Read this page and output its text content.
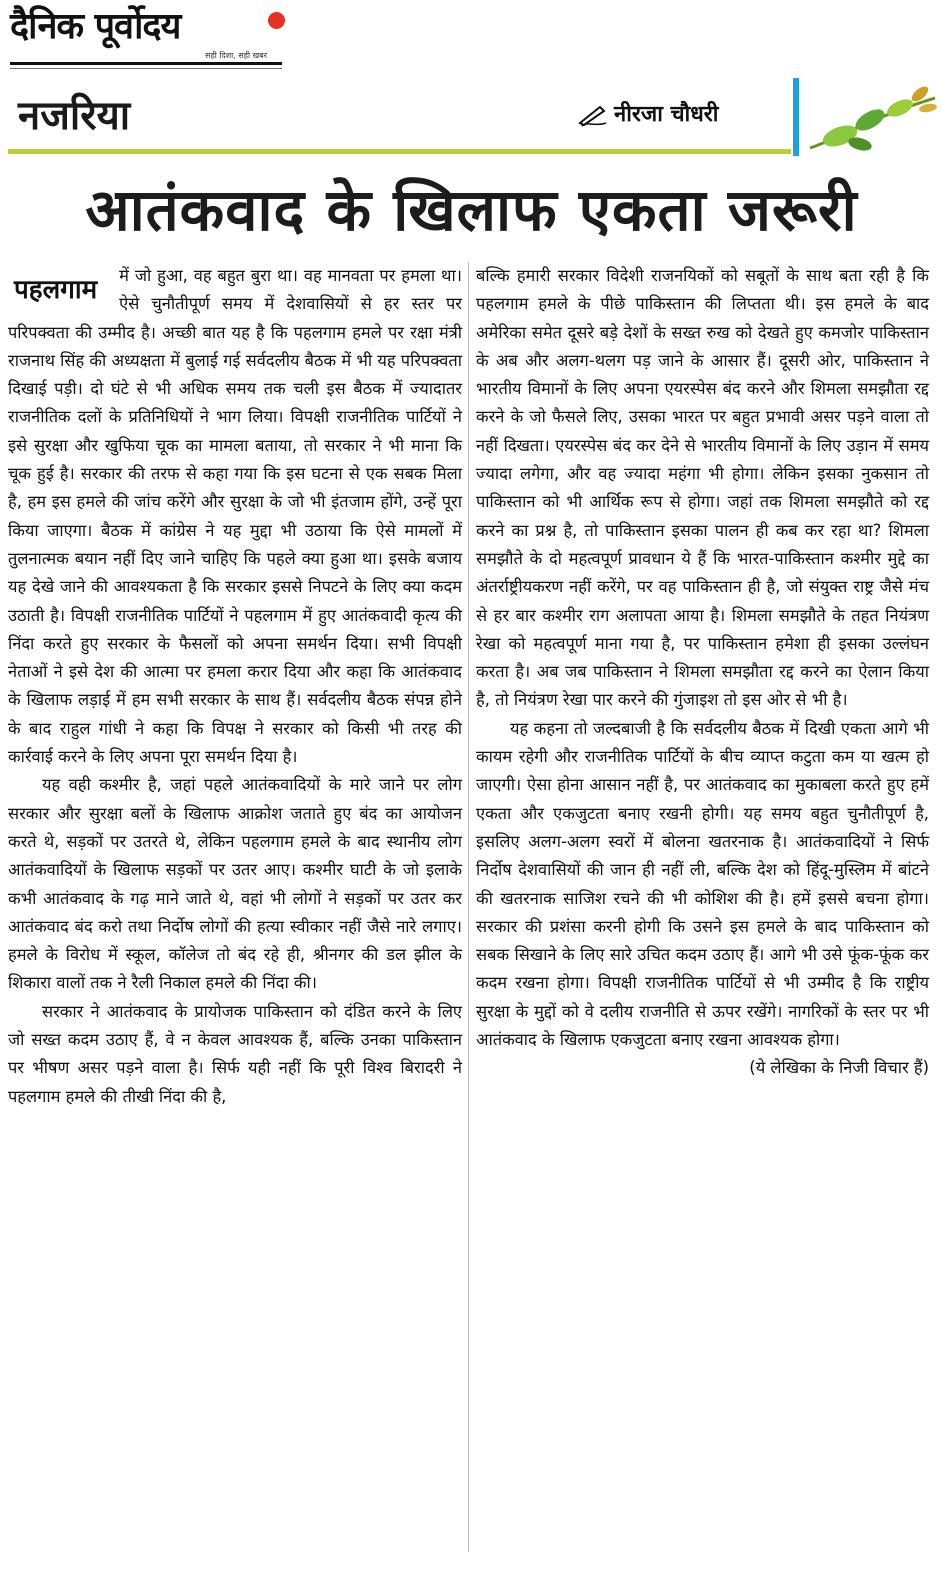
दैनिक पूर्वोदय
सही दिशा, सही खबर
नजरिया	नीरजा चौधरी
आतंकवाद के खिलाफ एकता जरूरी
पहलगाम	में जो हुआ, वह बहुत बुरा था। वह मानवता पर हमला था। ऐसे चुनौतीपूर्ण समय में देशवासियों से हर स्तर पर परिपक्वता की उम्मीद है। अच्छी बात यह है कि पहलगाम हमले पर रक्षा मंत्री राजनाथ सिंह की अध्यक्षता में बुलाई गई सर्वदलीय बैठक में भी यह परिपक्वता दिखाई पड़ी। दो घंटे से भी अधिक समय तक चली इस बैठक में ज्यादातर राजनीतिक दलों के प्रतिनिधियों ने भाग लिया। विपक्षी राजनीतिक पार्टियों ने इसे सुरक्षा और खुफिया चूक का मामला बताया, तो सरकार ने भी माना कि चूक हुई है। सरकार की तरफ से कहा गया कि इस घटना से एक सबक मिला है, हम इस हमले की जांच करेंगे और सुरक्षा के जो भी इंतजाम होंगे, उन्हें पूरा किया जाएगा। बैठक में कांग्रेस ने यह मुद्दा भी उठाया कि ऐसे मामलों में तुलनात्मक बयान नहीं दिए जाने चाहिए कि पहले क्या हुआ था। इसके बजाय यह देखे जाने की आवश्यकता है कि सरकार इससे निपटने के लिए क्या कदम उठाती है। विपक्षी राजनीतिक पार्टियों ने पहलगाम में हुए आतंकवादी कृत्य की निंदा करते हुए सरकार के फैसलों को अपना समर्थन दिया। सभी विपक्षी नेताओं ने इसे देश की आत्मा पर हमला करार दिया और कहा कि आतंकवाद के खिलाफ लड़ाई में हम सभी सरकार के साथ हैं। सर्वदलीय बैठक संपन्न होने के बाद राहुल गांधी ने कहा कि विपक्ष ने सरकार को किसी भी तरह की कार्रवाई करने के लिए अपना पूरा समर्थन दिया है।

यह वही कश्मीर है, जहां पहले आतंकवादियों के मारे जाने पर लोग सरकार और सुरक्षा बलों के खिलाफ आक्रोश जताते हुए बंद का आयोजन करते थे, सड़कों पर उतरते थे, लेकिन पहलगाम हमले के बाद स्थानीय लोग आतंकवादियों के खिलाफ सड़कों पर उतर आए। कश्मीर घाटी के जो इलाके कभी आतंकवाद के गढ़ माने जाते थे, वहां भी लोगों ने सड़कों पर उतर कर आतंकवाद बंद करो तथा निर्दोष लोगों की हत्या स्वीकार नहीं जैसे नारे लगाए। हमले के विरोध में स्कूल, कॉलेज तो बंद रहे ही, श्रीनगर की डल झील के शिकारा वालों तक ने रैली निकाल हमले की निंदा की।

सरकार ने आतंकवाद के प्रायोजक पाकिस्तान को दंडित करने के लिए जो सख्त कदम उठाए हैं, वे न केवल आवश्यक हैं, बल्कि उनका पाकिस्तान पर भीषण असर पड़ने वाला है। सिर्फ यही नहीं कि पूरी विश्व बिरादरी ने पहलगाम हमले की तीखी निंदा की है,

बल्कि हमारी सरकार विदेशी राजनयिकों को सबूतों के साथ बता रही है कि पहलगाम हमले के पीछे पाकिस्तान की लिप्तता थी। इस हमले के बाद अमेरिका समेत दूसरे बड़े देशों के सख्त रुख को देखते हुए कमजोर पाकिस्तान के अब और अलग-थलग पड़ जाने के आसार हैं। दूसरी ओर, पाकिस्तान ने भारतीय विमानों के लिए अपना एयरस्पेस बंद करने और शिमला समझौता रद्द करने के जो फैसले लिए, उसका भारत पर बहुत प्रभावी असर पड़ने वाला तो नहीं दिखता। एयरस्पेस बंद कर देने से भारतीय विमानों के लिए उड़ान में समय ज्यादा लगेगा, और वह ज्यादा महंगा भी होगा। लेकिन इसका नुकसान तो पाकिस्तान को भी आर्थिक रूप से होगा। जहां तक शिमला समझौते को रद्द करने का प्रश्न है, तो पाकिस्तान इसका पालन ही कब कर रहा था? शिमला समझौते के दो महत्वपूर्ण प्रावधान ये हैं कि भारत-पाकिस्तान कश्मीर मुद्दे का अंतर्राष्ट्रीयकरण नहीं करेंगे, पर वह पाकिस्तान ही है, जो संयुक्त राष्ट्र जैसे मंच से हर बार कश्मीर राग अलापता आया है। शिमला समझौते के तहत नियंत्रण रेखा को महत्वपूर्ण माना गया है, पर पाकिस्तान हमेशा ही इसका उल्लंघन करता है। अब जब पाकिस्तान ने शिमला समझौता रद्द करने का ऐलान किया है, तो नियंत्रण रेखा पार करने की गुंजाइश तो इस ओर से भी है।

यह कहना तो जल्दबाजी है कि सर्वदलीय बैठक में दिखी एकता आगे भी कायम रहेगी और राजनीतिक पार्टियों के बीच व्याप्त कटुता कम या खत्म हो जाएगी। ऐसा होना आसान नहीं है, पर आतंकवाद का मुकाबला करते हुए हमें एकता और एकजुटता बनाए रखनी होगी। यह समय बहुत चुनौतीपूर्ण है, इसलिए अलग-अलग स्वरों में बोलना खतरनाक है। आतंकवादियों ने सिर्फ निर्दोष देशवासियों की जान ही नहीं ली, बल्कि देश को हिंदू-मुस्लिम में बांटने की खतरनाक साजिश रचने की भी कोशिश की है। हमें इससे बचना होगा। सरकार की प्रशंसा करनी होगी कि उसने इस हमले के बाद पाकिस्तान को सबक सिखाने के लिए सारे उचित कदम उठाए हैं। आगे भी उसे फूंक-फूंक कर कदम रखना होगा। विपक्षी राजनीतिक पार्टियों से भी उम्मीद है कि राष्ट्रीय सुरक्षा के मुद्दों को वे दलीय राजनीति से ऊपर रखेंगे। नागरिकों के स्तर पर भी आतंकवाद के खिलाफ एकजुटता बनाए रखना आवश्यक होगा।

(ये लेखिका के निजी विचार हैं)
